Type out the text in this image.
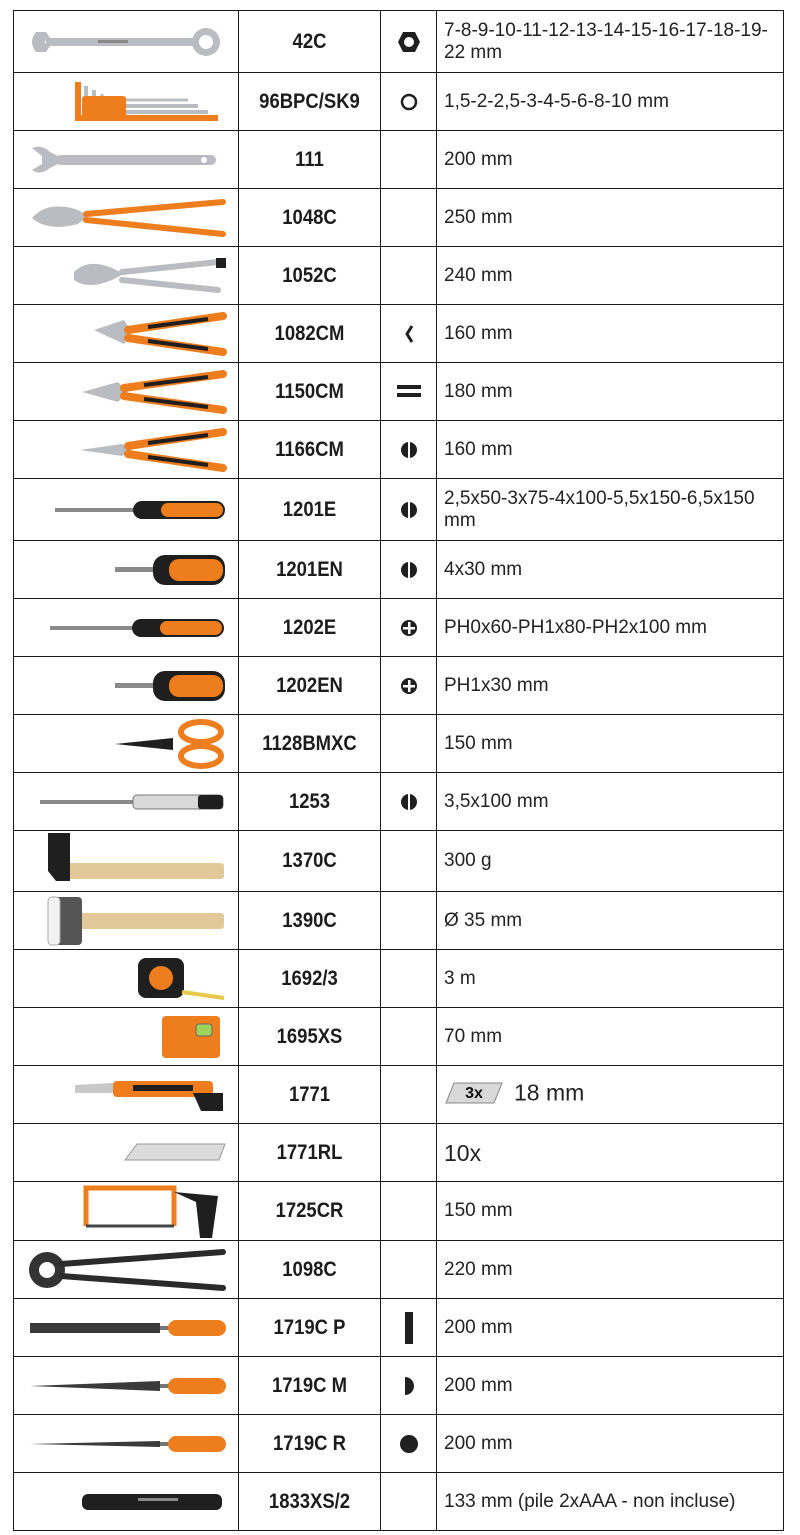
42C		7-8-9-10-11-12-13-14-15-16-17-18-19-22 mm

96BPC/SK9		1,5-2-2,5-3-4-5-6-8-10 mm

111		200 mm

1048C		250 mm

1052C		240 mm

1082CM		160 mm

1150CM		180 mm

1166CM		160 mm

1201E		2,5x50-3x75-4x100-5,5x150-6,5x150 mm

1201EN		4x30 mm

1202E		PH0x60-PH1x80-PH2x100 mm

1202EN		PH1x30 mm

1128BMXC		150 mm

1253		3,5x100 mm

1370C		300 g

1390C		Ø 35 mm

1692/3		3 m

1695XS		70 mm

1771		3x 18 mm

1771RL		10x

1725CR		150 mm

1098C		220 mm

1719C P		200 mm

1719C M		200 mm

1719C R		200 mm

1833XS/2		133 mm (pile 2xAAA - non incluse)
